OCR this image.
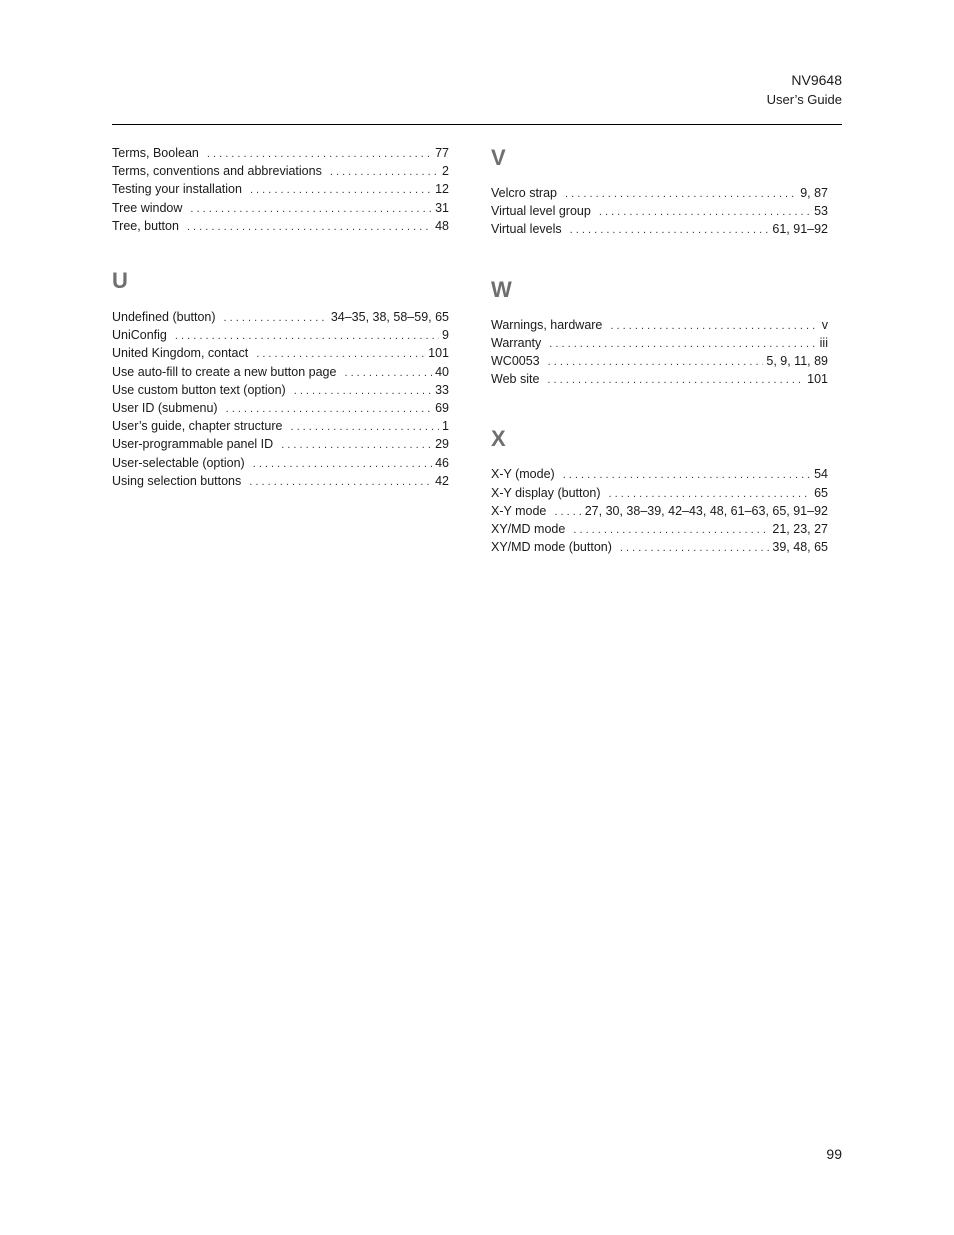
NV9648
User’s Guide
Terms, Boolean . . .	77
Terms, conventions and abbreviations . . .	2
Testing your installation . . .	12
Tree window . . .	31
Tree, button . . .	48
U
Undefined (button) . . .	34–35, 38, 58–59, 65
UniConfig . . .	9
United Kingdom, contact . . .	101
Use auto-fill to create a new button page . . .	40
Use custom button text (option) . . .	33
User ID (submenu) . . .	69
User’s guide, chapter structure . . .	1
User-programmable panel ID . . .	29
User-selectable (option) . . .	46
Using selection buttons . . .	42
V
Velcro strap . . .	9, 87
Virtual level group . . .	53
Virtual levels . . .	61, 91–92
W
Warnings, hardware . . .	v
Warranty . . .	iii
WC0053 . . .	5, 9, 11, 89
Web site . . .	101
X
X-Y (mode) . . .	54
X-Y display (button) . . .	65
X-Y mode . . .	27, 30, 38–39, 42–43, 48, 61–63, 65, 91–92
XY/MD mode . . .	21, 23, 27
XY/MD mode (button) . . .	39, 48, 65
99
